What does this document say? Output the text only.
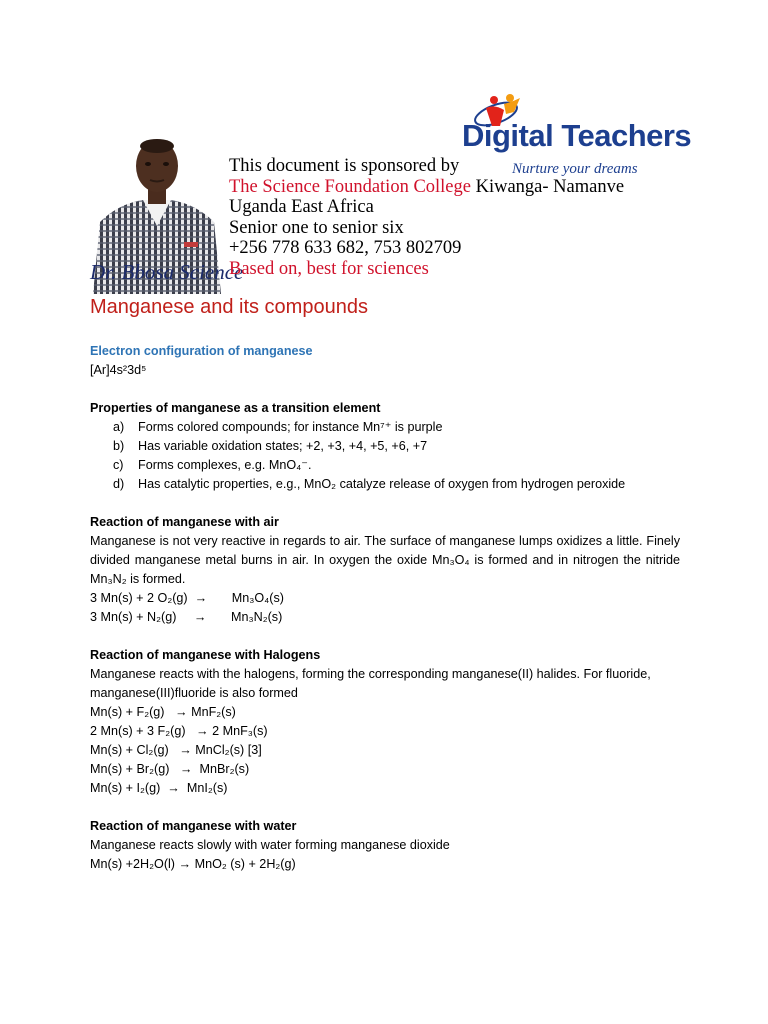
Dr. Bbosa Science
Digital Teachers
Nurture your dreams
This document is sponsored by
The Science Foundation College Kiwanga- Namanve
Uganda East Africa
Senior one to senior six
+256 778 633 682, 753 802709
Based on, best for sciences
Manganese and its compounds
Electron configuration of manganese
[Ar]4s²3d⁵
Properties of manganese as a transition element
a) Forms colored compounds; for instance Mn⁷⁺ is purple
b) Has variable oxidation states; +2, +3, +4, +5, +6, +7
c) Forms complexes, e.g. MnO₄⁻.
d) Has catalytic properties, e.g., MnO₂ catalyze release of oxygen from hydrogen peroxide
Reaction of manganese with air
Manganese is not very reactive in regards to air. The surface of manganese lumps oxidizes a little. Finely divided manganese metal burns in air. In oxygen the oxide Mn₃O₄ is formed and in nitrogen the nitride Mn₃N₂ is formed.
3 Mn(s) + 2 O₂(g)  →       Mn₃O₄(s)
3 Mn(s) + N₂(g)     →       Mn₃N₂(s)
Reaction of manganese with Halogens
Manganese reacts with the halogens, forming the corresponding manganese(II) halides. For fluoride, manganese(III)fluoride is also formed
Mn(s) + F₂(g)   → MnF₂(s)
2 Mn(s) + 3 F₂(g)   → 2 MnF₃(s)
Mn(s) + Cl₂(g)   → MnCl₂(s) [3]
Mn(s) + Br₂(g)   →  MnBr₂(s)
Mn(s) + I₂(g)  →  MnI₂(s)
Reaction of manganese with water
Manganese reacts slowly with water forming manganese dioxide
Mn(s) +2H₂O(l) → MnO₂ (s) + 2H₂(g)
